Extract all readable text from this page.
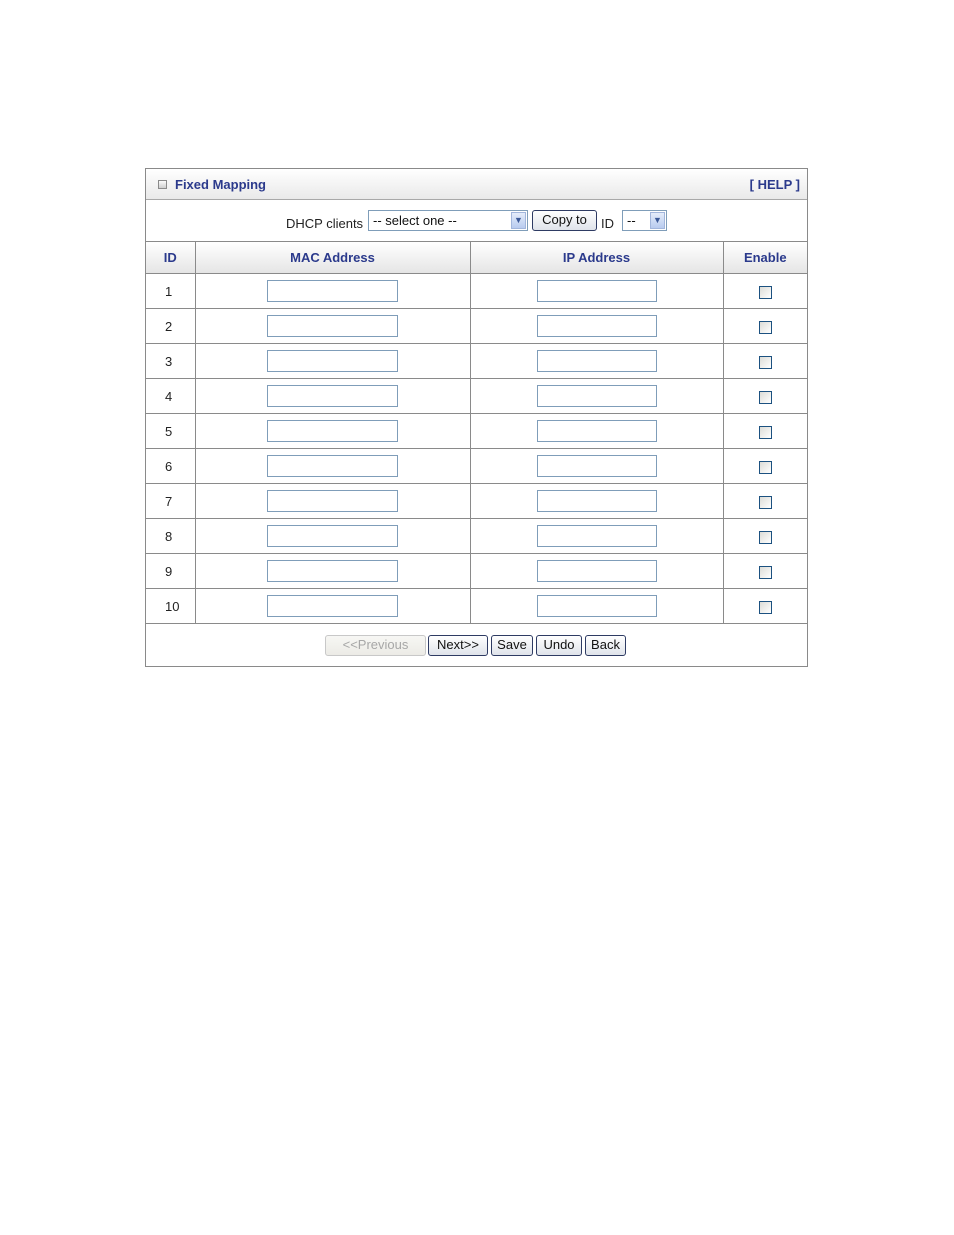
Fixed Mapping	[ HELP ]
DHCP clients -- select one --	▼	Copy to	ID --	▼
ID	MAC Address	IP Address	Enable
1			
2			
3			
4			
5			
6			
7			
8			
9			
10			
<<Previous	Next>>	Save	Undo	Back
